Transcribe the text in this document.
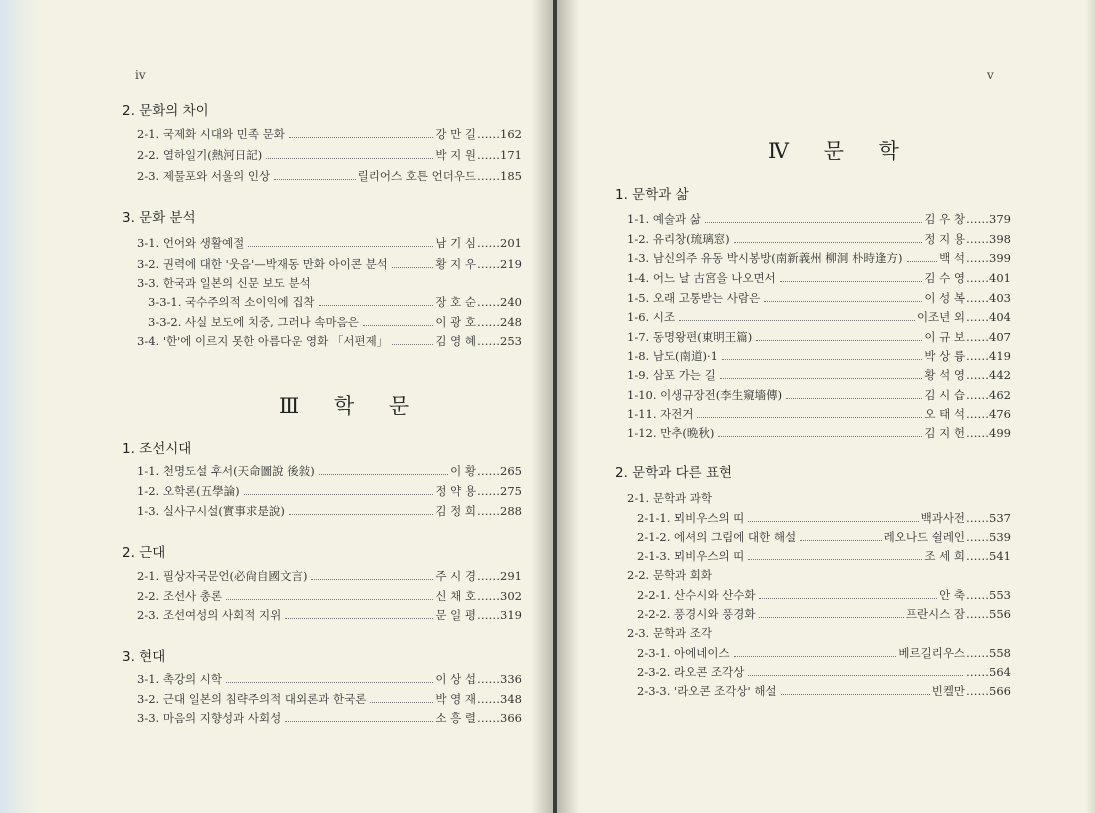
iv
2. 문화의 차이
2-1. 국제화 시대와 민족 문화	강 만 길 …… 162
2-2. 열하일기(熱河日記)	박 지 원 …… 171
2-3. 제물포와 서울의 인상	릴리어스 호튼 언더우드 …… 185
3. 문화 분석
3-1. 언어와 생활예절	남 기 심 …… 201
3-2. 권력에 대한 '웃음'—박재동 만화 아이콘 분석	황 지 우 …… 219
3-3. 한국과 일본의 신문 보도 분석
3-3-1. 국수주의적 소이익에 집착	장 호 순 …… 240
3-3-2. 사실 보도에 치중, 그러나 속마음은	이 광 호 …… 248
3-4. '한'에 이르지 못한 아름다운 영화 「서편제」	김 영 혜 …… 253
Ⅲ 학 문
1. 조선시대
1-1. 천명도설 후서(天命圖說 後敍)	이 황 …… 265
1-2. 오학론(五學論)	정 약 용 …… 275
1-3. 실사구시설(實事求是說)	김 정 희 …… 288
2. 근대
2-1. 필상자국문언(必尙自國文言)	주 시 경 …… 291
2-2. 조선사 총론	신 채 호 …… 302
2-3. 조선여성의 사회적 지위	문 일 평 …… 319
3. 현대
3-1. 촉강의 시학	이 상 섭 …… 336
3-2. 근대 일본의 침략주의적 대외론과 한국론	박 영 재 …… 348
3-3. 마음의 지향성과 사회성	소 흥 렬 …… 366
v
Ⅳ 문 학
1. 문학과 삶
1-1. 예술과 삶	김 우 창 …… 379
1-2. 유리창(琉璃窓)	정 지 용 …… 398
1-3. 남신의주 유동 박시봉방(南新義州 柳洞 朴時逢方)	백 석 …… 399
1-4. 어느 날 古宮을 나오면서	김 수 영 …… 401
1-5. 오래 고통받는 사람은	이 성 복 …… 403
1-6. 시조	이조년 외 …… 404
1-7. 동명왕편(東明王篇)	이 규 보 …… 407
1-8. 남도(南道)·1	박 상 륭 …… 419
1-9. 삼포 가는 길	황 석 영 …… 442
1-10. 이생규장전(李生窺墻傳)	김 시 습 …… 462
1-11. 자전거	오 태 석 …… 476
1-12. 만추(晩秋)	김 지 헌 …… 499
2. 문학과 다른 표현
2-1. 문학과 과학
2-1-1. 뫼비우스의 띠	백과사전 …… 537
2-1-2. 에셔의 그림에 대한 해설	레오나드 쉴레인 …… 539
2-1-3. 뫼비우스의 띠	조 세 희 …… 541
2-2. 문학과 회화
2-2-1. 산수시와 산수화	안 축 …… 553
2-2-2. 풍경시와 풍경화	프란시스 잠 …… 556
2-3. 문학과 조각
2-3-1. 아에네이스	베르길리우스 …… 558
2-3-2. 라오콘 조각상	…… 564
2-3-3. '라오콘 조각상' 해설	빈켈만 …… 566
